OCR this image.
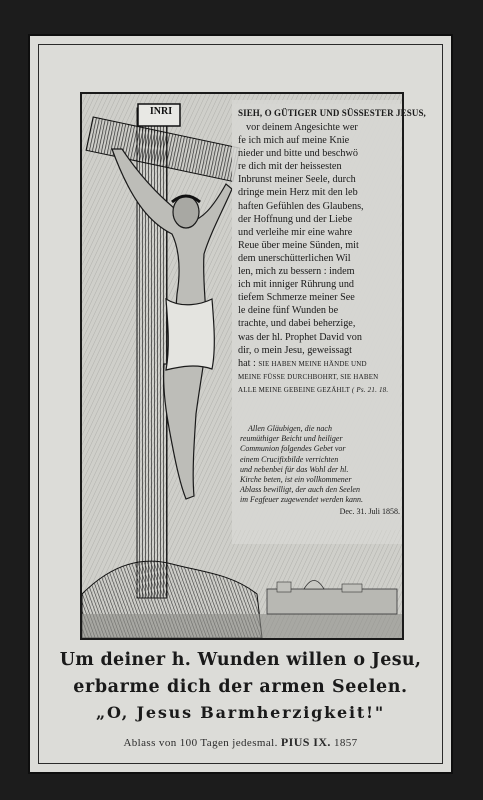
SIEH, O GÜTIGER UND SÜSSESTER JESUS,
vor deinem Angesichte wer
fe ich mich auf meine Knie
nieder und bitte und beschwö
re dich mit der heissesten
Inbrunst meiner Seele, durch
dringe mein Herz mit den leb
haften Gefühlen des Glaubens,
der Hoffnung und der Liebe
und verleihe mir eine wahre
Reue über meine Sünden, mit
dem unerschütterlichen Wil
len, mich zu bessern : indem
ich mit inniger Rührung und
tiefem Schmerze meiner See
le deine fünf Wunden be
trachte, und dabei beherzige,
was der hl. Prophet David von
dir, o mein Jesu, geweissagt
hat : SIE HABEN MEINE HÄNDE UND
MEINE FÜSSE DURCHBOHRT, SIE HABEN
ALLE MEINE GEBEINE GEZÄHLT ( Ps. 21. 18.
Allen Gläubigen, die nach
reumüthiger Beicht und heiliger
Communion folgendes Gebet vor
einem Crucifixbilde verrichten
und nebenbei für das Wohl der hl.
Kirche beten, ist ein vollkommener
Ablass bewilligt, der auch den Seelen
im Fegfeuer zugewendet werden kann.
Dec. 31. Juli 1858.
INRI
Um deiner h. Wunden willen o Jesu,
erbarme dich der armen Seelen.
„O, Jesus Barmherzigkeit!"
Ablass von 100 Tagen jedesmal. PIUS IX. 1857
